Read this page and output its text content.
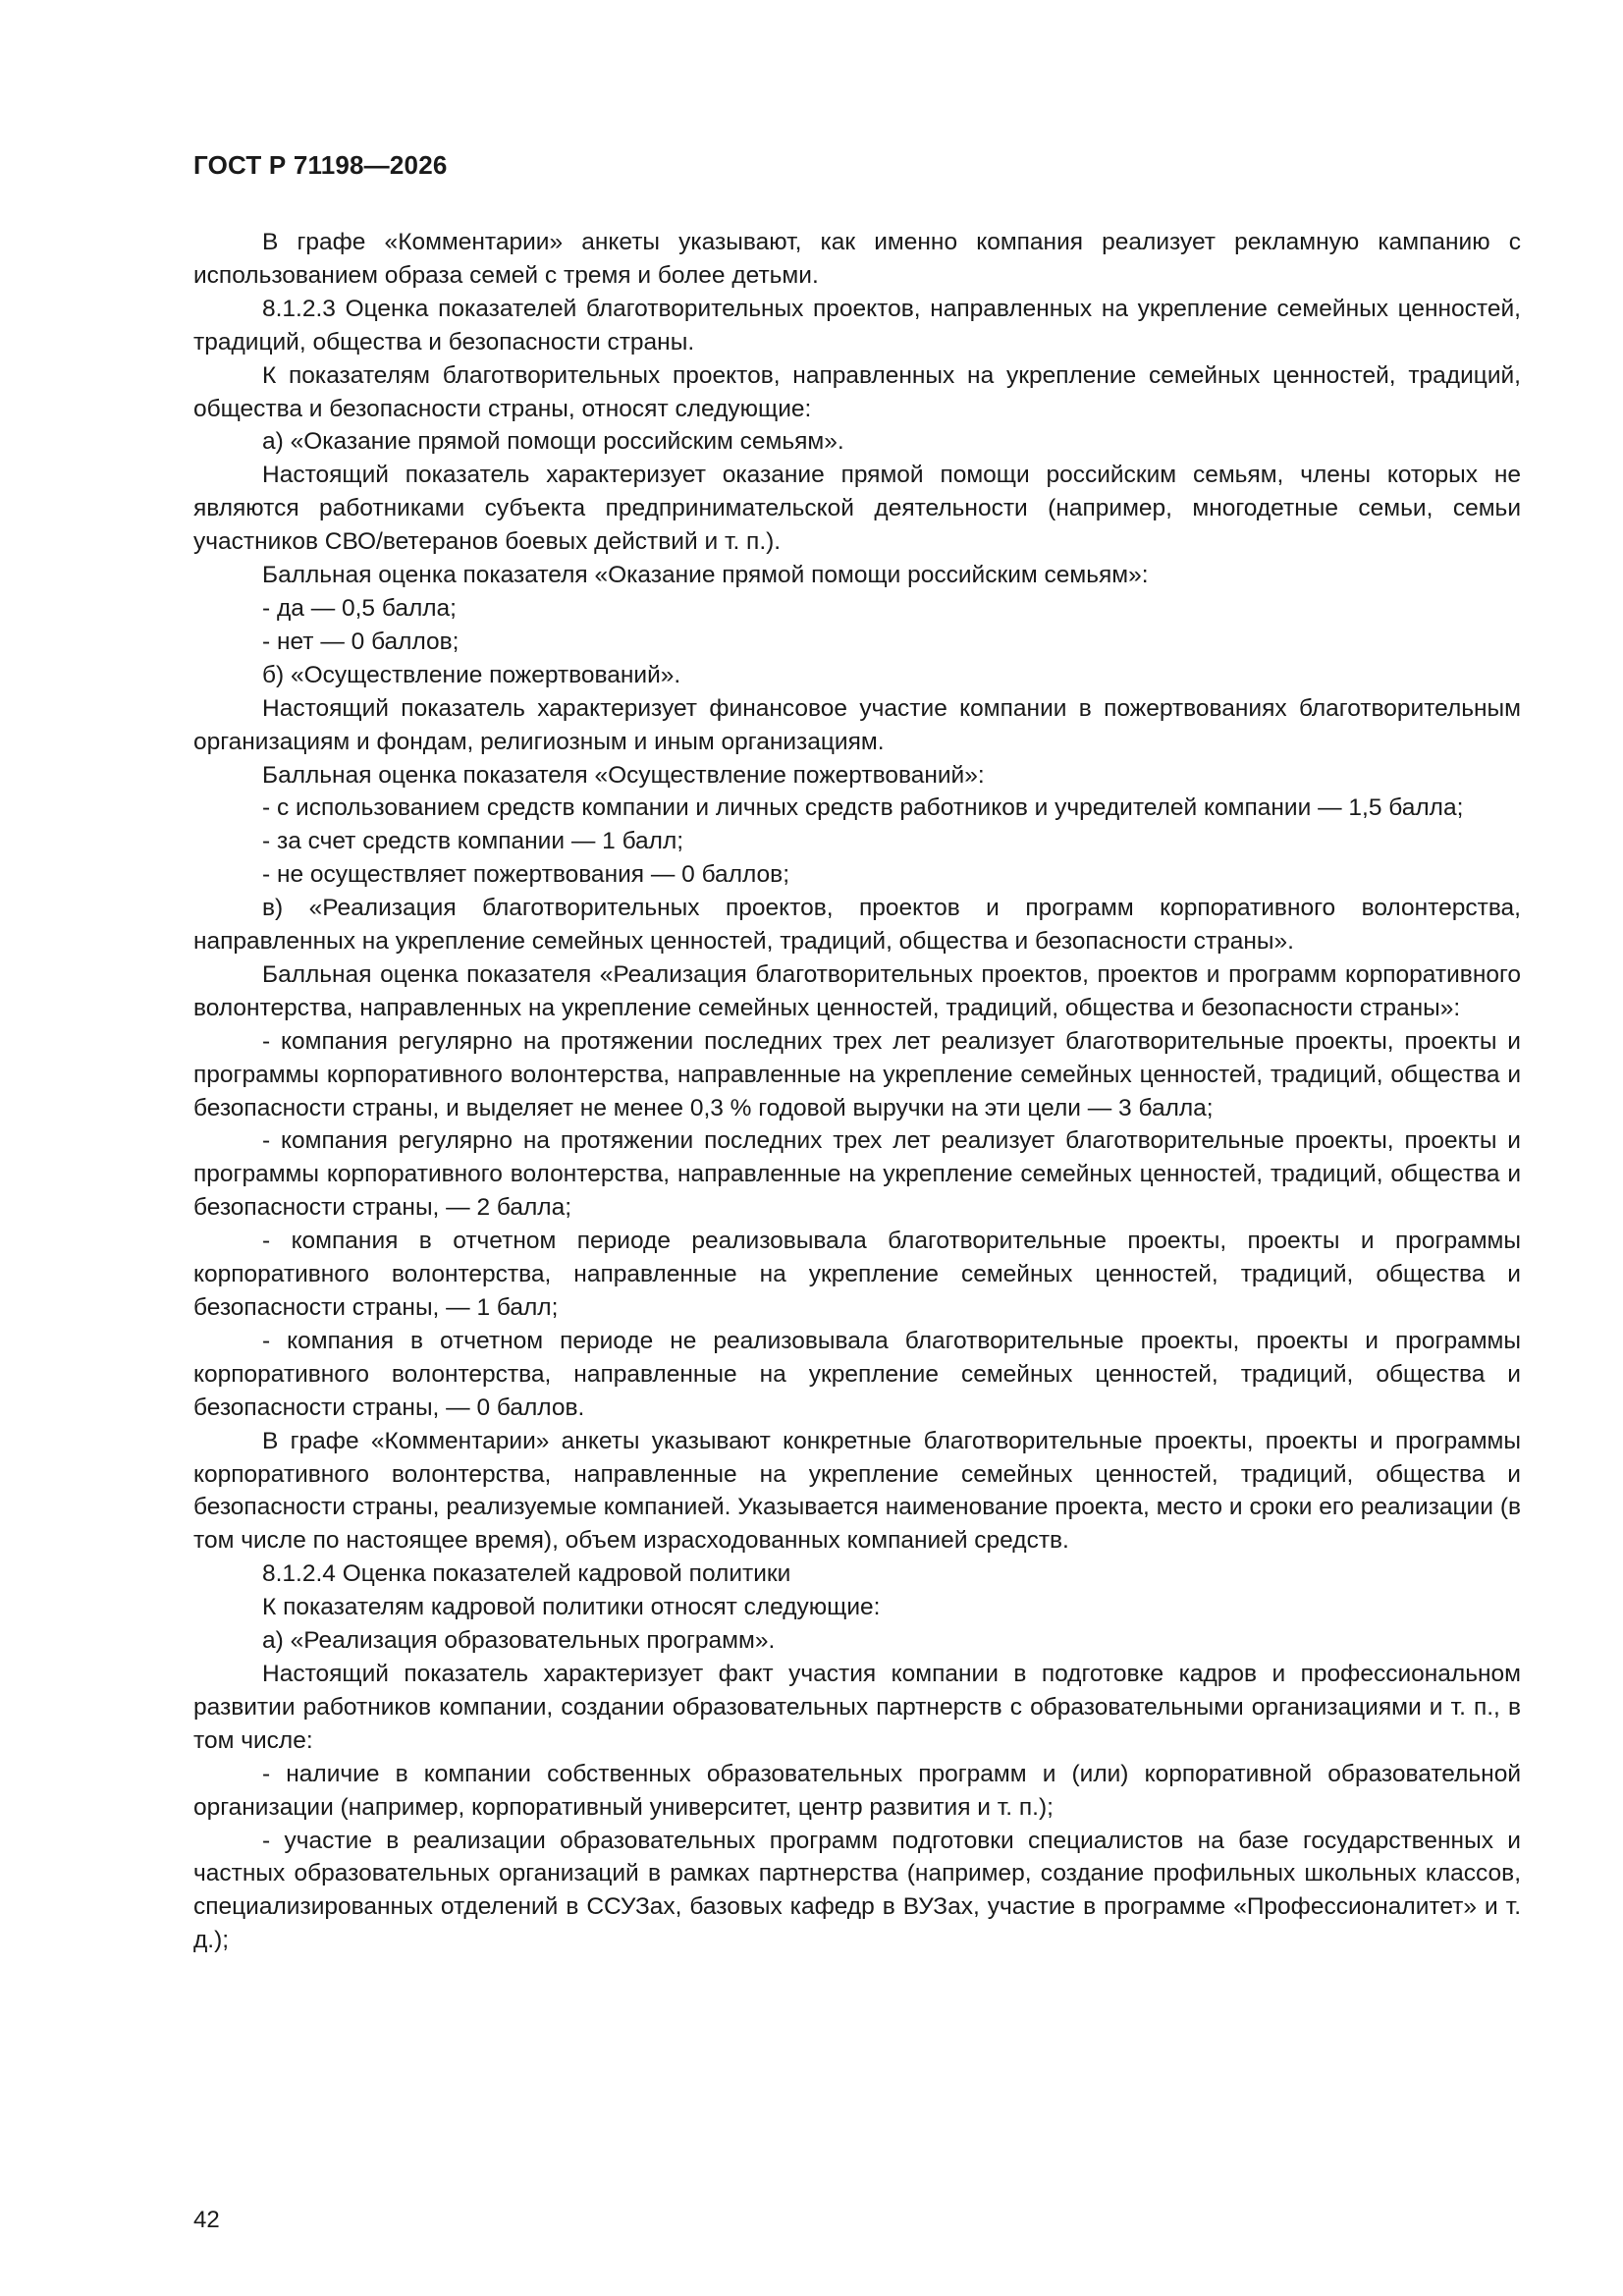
ГОСТ Р 71198—2026

В графе «Комментарии» анкеты указывают, как именно компания реализует рекламную кампанию с использованием образа семей с тремя и более детьми.

8.1.2.3 Оценка показателей благотворительных проектов, направленных на укрепление семейных ценностей, традиций, общества и безопасности страны.

К показателям благотворительных проектов, направленных на укрепление семейных ценностей, традиций, общества и безопасности страны, относят следующие:

а) «Оказание прямой помощи российским семьям».

Настоящий показатель характеризует оказание прямой помощи российским семьям, члены которых не являются работниками субъекта предпринимательской деятельности (например, многодетные семьи, семьи участников СВО/ветеранов боевых действий и т. п.).

Балльная оценка показателя «Оказание прямой помощи российским семьям»:

- да — 0,5 балла;

- нет — 0 баллов;

б) «Осуществление пожертвований».

Настоящий показатель характеризует финансовое участие компании в пожертвованиях благотворительным организациям и фондам, религиозным и иным организациям.

Балльная оценка показателя «Осуществление пожертвований»:

- с использованием средств компании и личных средств работников и учредителей компании — 1,5 балла;

- за счет средств компании — 1 балл;

- не осуществляет пожертвования — 0 баллов;

в) «Реализация благотворительных проектов, проектов и программ корпоративного волонтерства, направленных на укрепление семейных ценностей, традиций, общества и безопасности страны».

Балльная оценка показателя «Реализация благотворительных проектов, проектов и программ корпоративного волонтерства, направленных на укрепление семейных ценностей, традиций, общества и безопасности страны»:

- компания регулярно на протяжении последних трех лет реализует благотворительные проекты, проекты и программы корпоративного волонтерства, направленные на укрепление семейных ценностей, традиций, общества и безопасности страны, и выделяет не менее 0,3 % годовой выручки на эти цели — 3 балла;

- компания регулярно на протяжении последних трех лет реализует благотворительные проекты, проекты и программы корпоративного волонтерства, направленные на укрепление семейных ценностей, традиций, общества и безопасности страны, — 2 балла;

- компания в отчетном периоде реализовывала благотворительные проекты, проекты и программы корпоративного волонтерства, направленные на укрепление семейных ценностей, традиций, общества и безопасности страны, — 1 балл;

- компания в отчетном периоде не реализовывала благотворительные проекты, проекты и программы корпоративного волонтерства, направленные на укрепление семейных ценностей, традиций, общества и безопасности страны, — 0 баллов.

В графе «Комментарии» анкеты указывают конкретные благотворительные проекты, проекты и программы корпоративного волонтерства, направленные на укрепление семейных ценностей, традиций, общества и безопасности страны, реализуемые компанией. Указывается наименование проекта, место и сроки его реализации (в том числе по настоящее время), объем израсходованных компанией средств.

8.1.2.4 Оценка показателей кадровой политики

К показателям кадровой политики относят следующие:

а) «Реализация образовательных программ».

Настоящий показатель характеризует факт участия компании в подготовке кадров и профессиональном развитии работников компании, создании образовательных партнерств с образовательными организациями и т. п., в том числе:

- наличие в компании собственных образовательных программ и (или) корпоративной образовательной организации (например, корпоративный университет, центр развития и т. п.);

- участие в реализации образовательных программ подготовки специалистов на базе государственных и частных образовательных организаций в рамках партнерства (например, создание профильных школьных классов, специализированных отделений в ССУЗах, базовых кафедр в ВУЗах, участие в программе «Профессионалитет» и т. д.);

42
